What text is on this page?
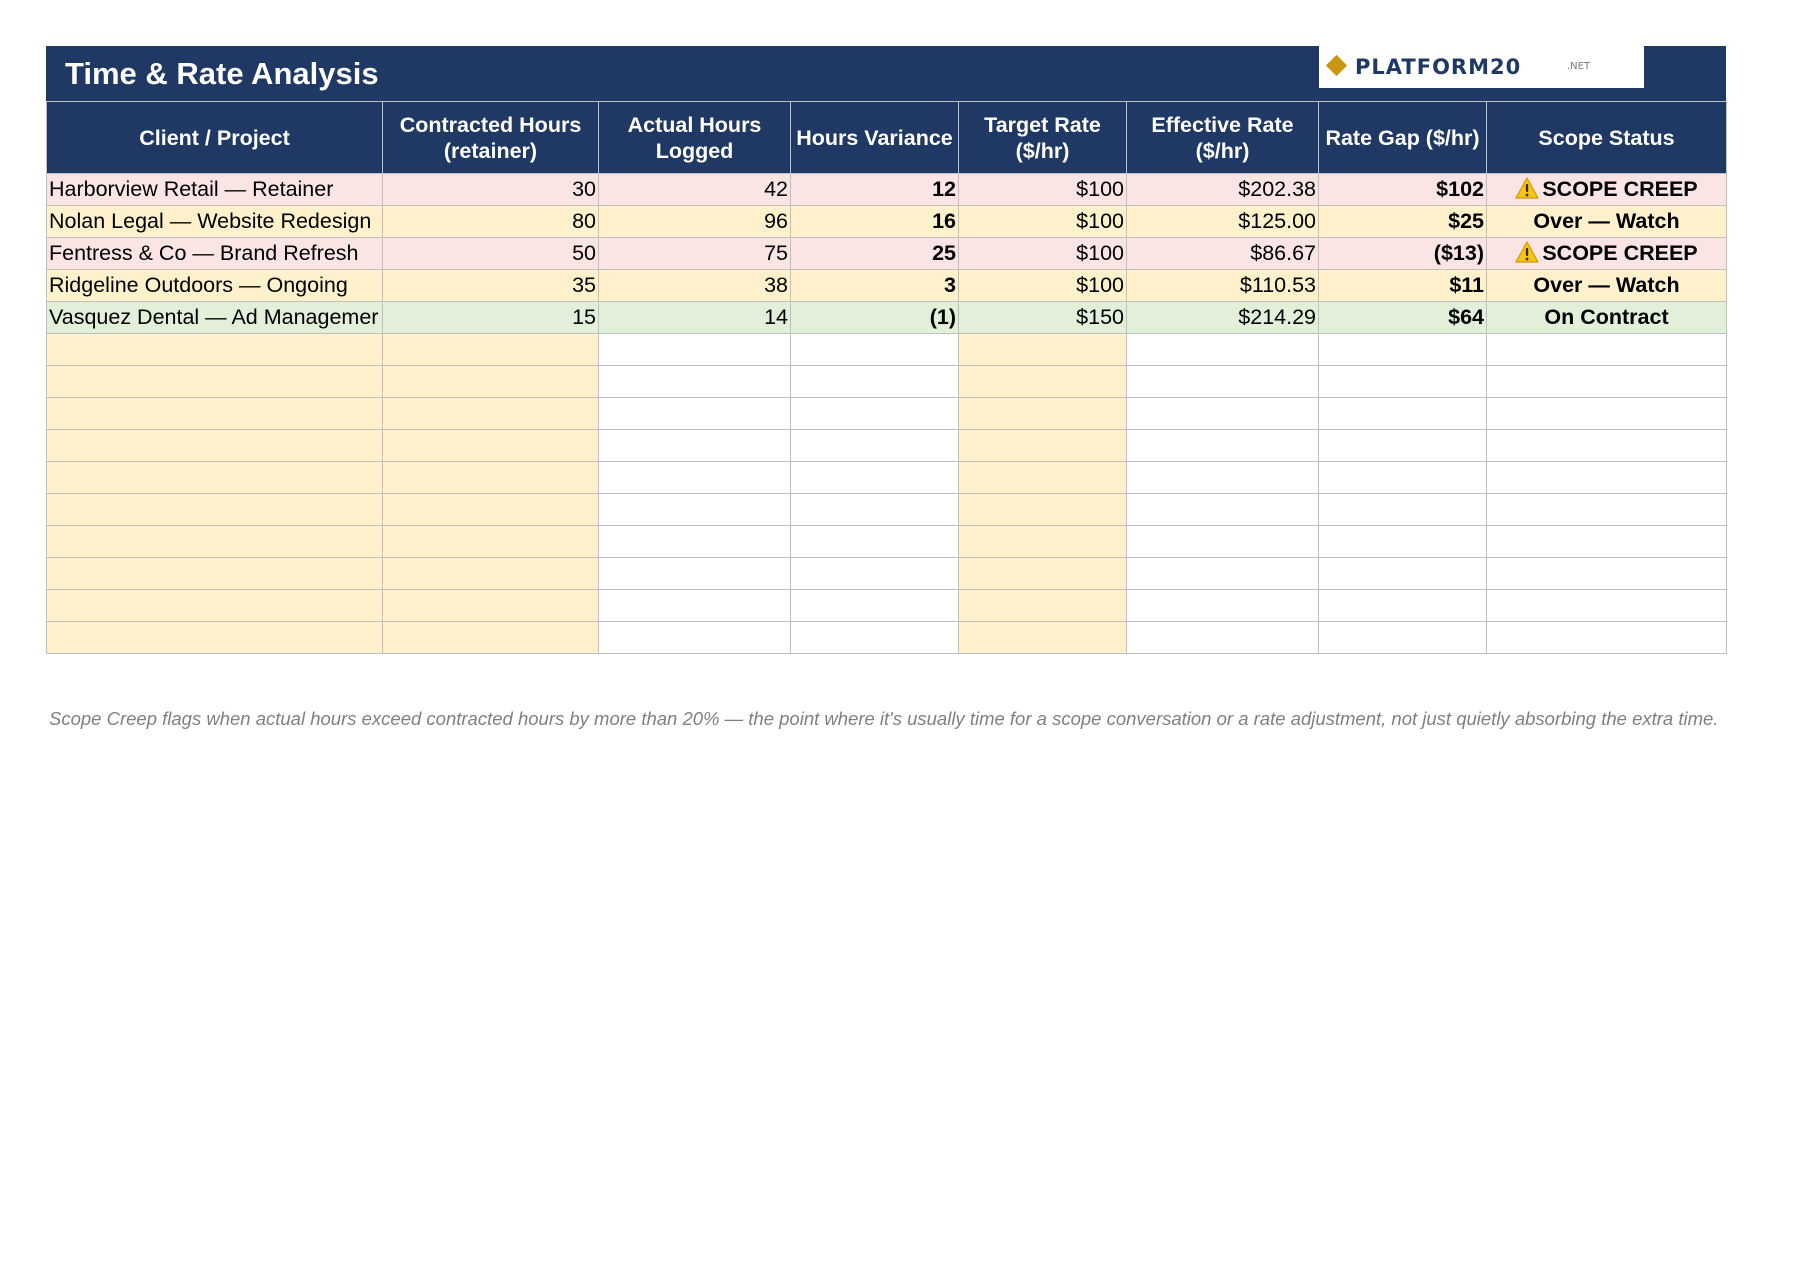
Time & Rate Analysis	PLATFORM20	.NET
Client / Project	Contracted Hours (retainer)	Actual Hours Logged	Hours Variance	Target Rate ($/hr)	Effective Rate ($/hr)	Rate Gap ($/hr)	Scope Status
Harborview Retail — Retainer	30	42	12	$100	$202.38	$102	SCOPE CREEP
Nolan Legal — Website Redesign	80	96	16	$100	$125.00	$25	Over — Watch
Fentress & Co — Brand Refresh	50	75	25	$100	$86.67	($13)	SCOPE CREEP
Ridgeline Outdoors — Ongoing	35	38	3	$100	$110.53	$11	Over — Watch
Vasquez Dental — Ad Managemer	15	14	(1)	$150	$214.29	$64	On Contract

Scope Creep flags when actual hours exceed contracted hours by more than 20% — the point where it's usually time for a scope conversation or a rate adjustment, not just quietly absorbing the extra time.
